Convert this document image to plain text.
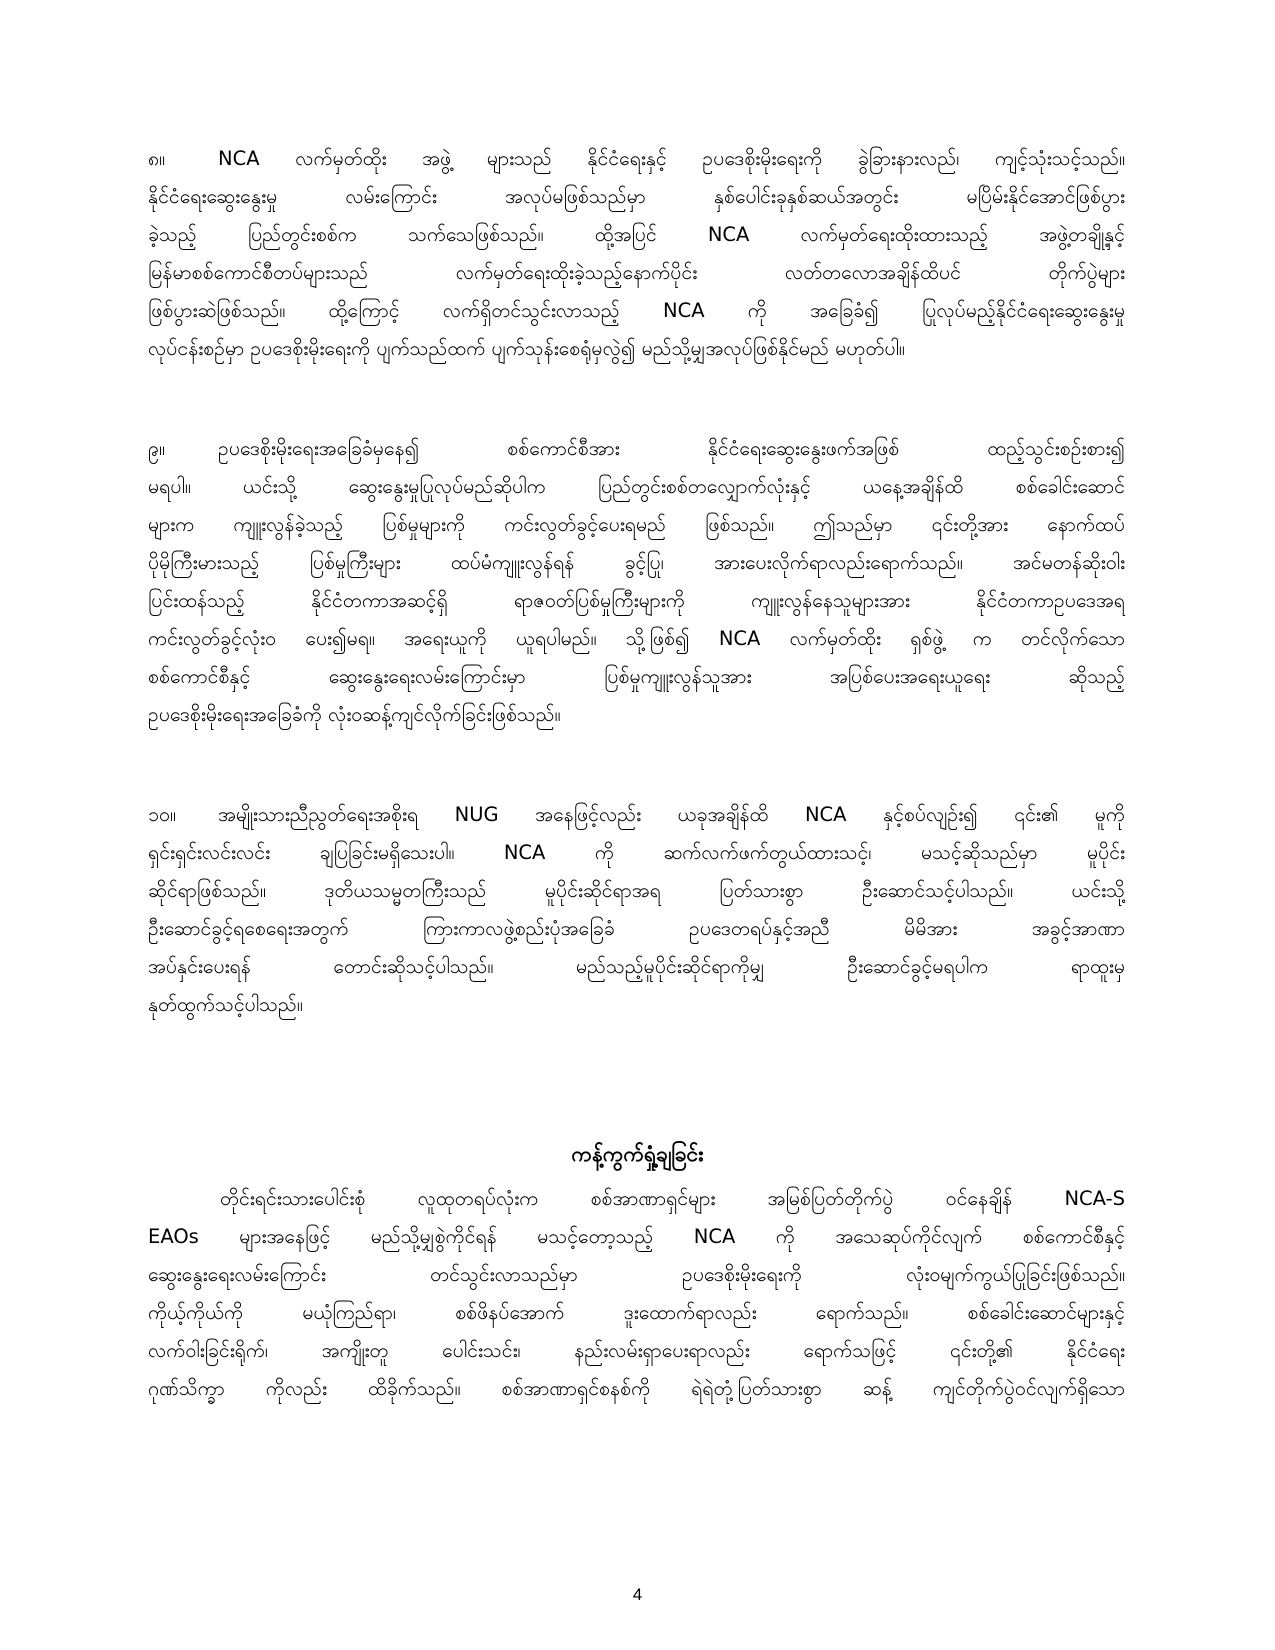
၈။	NCA လက်မှတ်ထိုး အဖွဲ့ များသည် နိုင်ငံရေးနှင့် ဥပဒေစိုးမိုးရေးကို ခွဲခြားနားလည်၊ ကျင့်သုံးသင့်သည်။
နိုင်ငံရေးဆွေးနွေးမှု လမ်းကြောင်း အလုပ်မဖြစ်သည်မှာ နှစ်ပေါင်းခုနှစ်ဆယ်အတွင်း မပြိမ်းနိုင်အောင်ဖြစ်ပွား
ခဲ့သည့် ပြည်တွင်းစစ်က သက်သေဖြစ်သည်။ ထို့အပြင် NCA လက်မှတ်ရေးထိုးထားသည့် အဖွဲ့တချို့နှင့်
မြန်မာစစ်ကောင်စီတပ်များသည် လက်မှတ်ရေးထိုးခဲ့သည့်နောက်ပိုင်း လတ်တလောအချိန်ထိပင် တိုက်ပွဲများ
ဖြစ်ပွားဆဲဖြစ်သည်။ ထို့ကြောင့် လက်ရှိတင်သွင်းလာသည့် NCA ကို အခြေခံ၍ ပြုလုပ်မည့်နိုင်ငံရေးဆွေးနွေးမှု
လုပ်ငန်းစဉ်မှာ ဥပဒေစိုးမိုးရေးကို ပျက်သည်ထက် ပျက်သုန်းစေရုံမှလွဲ၍ မည်သို့မျှအလုပ်ဖြစ်နိုင်မည် မဟုတ်ပါ။
၉။	ဥပဒေစိုးမိုးရေးအခြေခံမှနေ၍ စစ်ကောင်စီအား နိုင်ငံရေးဆွေးနွေးဖက်အဖြစ် ထည့်သွင်းစဉ်းစား၍
မရပါ။ ယင်းသို့ ဆွေးနွေးမှုပြုလုပ်မည်ဆိုပါက ပြည်တွင်းစစ်တလျှောက်လုံးနှင့် ယနေ့အချိန်ထိ စစ်ခေါင်းဆောင်
များက ကျူးလွန်ခဲ့သည့် ပြစ်မှုများကို ကင်းလွတ်ခွင့်ပေးရမည် ဖြစ်သည်။ ဤသည်မှာ ၎င်းတို့အား နောက်ထပ်
ပိုမိုကြီးမားသည့် ပြစ်မှုကြီးများ ထပ်မံကျူးလွန်ရန် ခွင့်ပြု၊ အားပေးလိုက်ရာလည်းရောက်သည်။ အင်မတန်ဆိုးဝါး
ပြင်းထန်သည့် နိုင်ငံတကာအဆင့်ရှိ ရာဇဝတ်ပြစ်မှုကြီးများကို ကျူးလွန်နေသူများအား နိုင်ငံတကာဥပဒေအရ
ကင်းလွတ်ခွင့်လုံးဝ ပေး၍မရ။ အရေးယူကို ယူရပါမည်။ သို့ဖြစ်၍ NCA လက်မှတ်ထိုး ရှစ်ဖွဲ့ က တင်လိုက်သော
စစ်ကောင်စီနှင့် ဆွေးနွေးရေးလမ်းကြောင်းမှာ ပြစ်မှုကျူးလွန်သူအား အပြစ်ပေးအရေးယူရေး ဆိုသည့်
ဥပဒေစိုးမိုးရေးအခြေခံကို လုံးဝဆန့်ကျင်လိုက်ခြင်းဖြစ်သည်။
၁၀။ အမျိုးသားညီညွတ်ရေးအစိုးရ NUG အနေဖြင့်လည်း ယခုအချိန်ထိ NCA နှင့်စပ်လျဉ်း၍ ၎င်း၏ မူကို
ရှင်းရှင်းလင်းလင်း ချပြခြင်းမရှိသေးပါ။ NCA ကို ဆက်လက်ဖက်တွယ်ထားသင့်၊ မသင့်ဆိုသည်မှာ မူပိုင်း
ဆိုင်ရာဖြစ်သည်။ ဒုတိယသမ္မတကြီးသည် မူပိုင်းဆိုင်ရာအရ ပြတ်သားစွာ ဦးဆောင်သင့်ပါသည်။ ယင်းသို့
ဦးဆောင်ခွင့်ရစေရေးအတွက် ကြားကာလဖွဲ့စည်းပုံအခြေခံ ဥပဒေတရပ်နှင့်အညီ မိမိအား အခွင့်အာဏာ
အပ်နှင်းပေးရန် တောင်းဆိုသင့်ပါသည်။ မည်သည့်မူပိုင်းဆိုင်ရာကိုမျှ ဦးဆောင်ခွင့်မရပါက ရာထူးမှ
နုတ်ထွက်သင့်ပါသည်။
ကန့်ကွက်ရှုံ့ချခြင်း
တိုင်းရင်းသားပေါင်းစုံ လူထုတရပ်လုံးက စစ်အာဏာရှင်များ အမြစ်ပြတ်တိုက်ပွဲ ဝင်နေချိန် NCA-S
EAOs များအနေဖြင့် မည်သို့မျှစွဲကိုင်ရန် မသင့်တော့သည့် NCA ကို အသေဆုပ်ကိုင်လျက် စစ်ကောင်စီနှင့်
ဆွေးနွေးရေးလမ်းကြောင်း တင်သွင်းလာသည်မှာ ဥပဒေစိုးမိုးရေးကို လုံးဝမျက်ကွယ်ပြုခြင်းဖြစ်သည်။
ကိုယ့်ကိုယ်ကို မယုံကြည်ရာ၊ စစ်ဖိနပ်အောက် ဒူးထောက်ရာလည်း ရောက်သည်။ စစ်ခေါင်းဆောင်များနှင့်
လက်ဝါးခြင်းရိုက်၊ အကျိုးတူ ပေါင်းသင်း၊ နည်းလမ်းရှာပေးရာလည်း ရောက်သဖြင့် ၎င်းတို့၏ နိုင်ငံရေး
ဂုဏ်သိက္ခာ ကိုလည်း ထိခိုက်သည်။ စစ်အာဏာရှင်စနစ်ကို ရဲရဲတုံ့ပြတ်သားစွာ ဆန့် ကျင်တိုက်ပွဲဝင်လျက်ရှိသော
4
